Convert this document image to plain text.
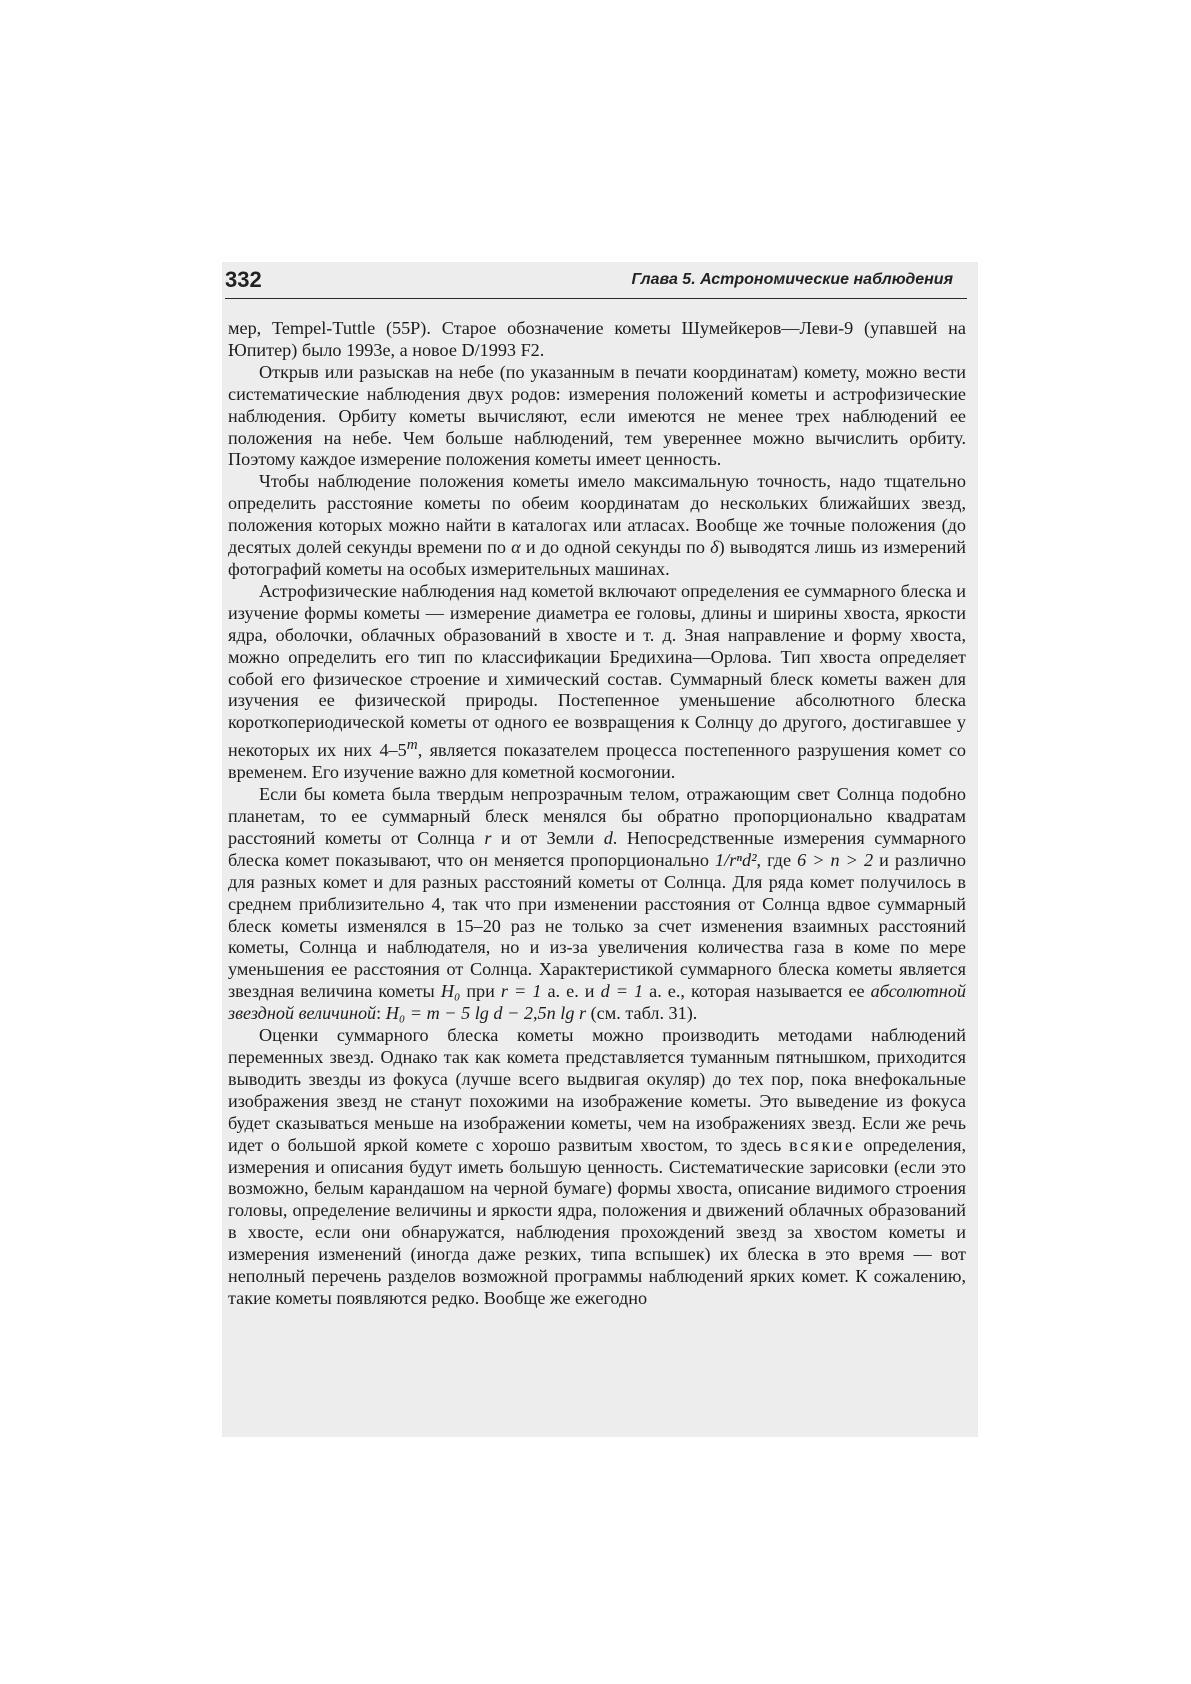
332	Глава 5. Астрономические наблюдения

мер, Tempel-Tuttle (55P). Старое обозначение кометы Шумейкеров—Леви-9 (упавшей на Юпитер) было 1993е, а новое D/1993 F2.

Открыв или разыскав на небе (по указанным в печати координатам) комету, можно вести систематические наблюдения двух родов: измерения положений кометы и астрофизические наблюдения. Орбиту кометы вычисляют, если имеются не менее трех наблюдений ее положения на небе. Чем больше наблюдений, тем увереннее можно вычислить орбиту. Поэтому каждое измерение положения кометы имеет ценность.

Чтобы наблюдение положения кометы имело максимальную точность, надо тщательно определить расстояние кометы по обеим координатам до нескольких ближайших звезд, положения которых можно найти в каталогах или атласах. Вообще же точные положения (до десятых долей секунды времени по α и до одной секунды по δ) выводятся лишь из измерений фотографий кометы на особых измерительных машинах.

Астрофизические наблюдения над кометой включают определения ее суммарного блеска и изучение формы кометы — измерение диаметра ее головы, длины и ширины хвоста, яркости ядра, оболочки, облачных образований в хвосте и т. д. Зная направление и форму хвоста, можно определить его тип по классификации Бредихина—Орлова. Тип хвоста определяет собой его физическое строение и химический состав. Суммарный блеск кометы важен для изучения ее физической природы. Постепенное уменьшение абсолютного блеска короткопериодической кометы от одного ее возвращения к Солнцу до другого, достигавшее у некоторых их них 4–5$^m$, является показателем процесса постепенного разрушения комет со временем. Его изучение важно для кометной космогонии.

Если бы комета была твердым непрозрачным телом, отражающим свет Солнца подобно планетам, то ее суммарный блеск менялся бы обратно пропорционально квадратам расстояний кометы от Солнца r и от Земли d. Непосредственные измерения суммарного блеска комет показывают, что он меняется пропорционально 1/rⁿd², где 6 > n > 2 и различно для разных комет и для разных расстояний кометы от Солнца. Для ряда комет получилось в среднем приблизительно 4, так что при изменении расстояния от Солнца вдвое суммарный блеск кометы изменялся в 15–20 раз не только за счет изменения взаимных расстояний кометы, Солнца и наблюдателя, но и из-за увеличения количества газа в коме по мере уменьшения ее расстояния от Солнца. Характеристикой суммарного блеска кометы является звездная величина кометы H₀ при r = 1 а. е. и d = 1 а. е., которая называется ее абсолютной звездной величиной: H₀ = m − 5 lg d − 2,5n lg r (см. табл. 31).

Оценки суммарного блеска кометы можно производить методами наблюдений переменных звезд. Однако так как комета представляется туманным пятнышком, приходится выводить звезды из фокуса (лучше всего выдвигая окуляр) до тех пор, пока внефокальные изображения звезд не станут похожими на изображение кометы. Это выведение из фокуса будет сказываться меньше на изображении кометы, чем на изображениях звезд. Если же речь идет о большой яркой комете с хорошо развитым хвостом, то здесь всякие определения, измерения и описания будут иметь большую ценность. Систематические зарисовки (если это возможно, белым карандашом на черной бумаге) формы хвоста, описание видимого строения головы, определение величины и яркости ядра, положения и движений облачных образований в хвосте, если они обнаружатся, наблюдения прохождений звезд за хвостом кометы и измерения изменений (иногда даже резких, типа вспышек) их блеска в это время — вот неполный перечень разделов возможной программы наблюдений ярких комет. К сожалению, такие кометы появляются редко. Вообще же ежегодно
